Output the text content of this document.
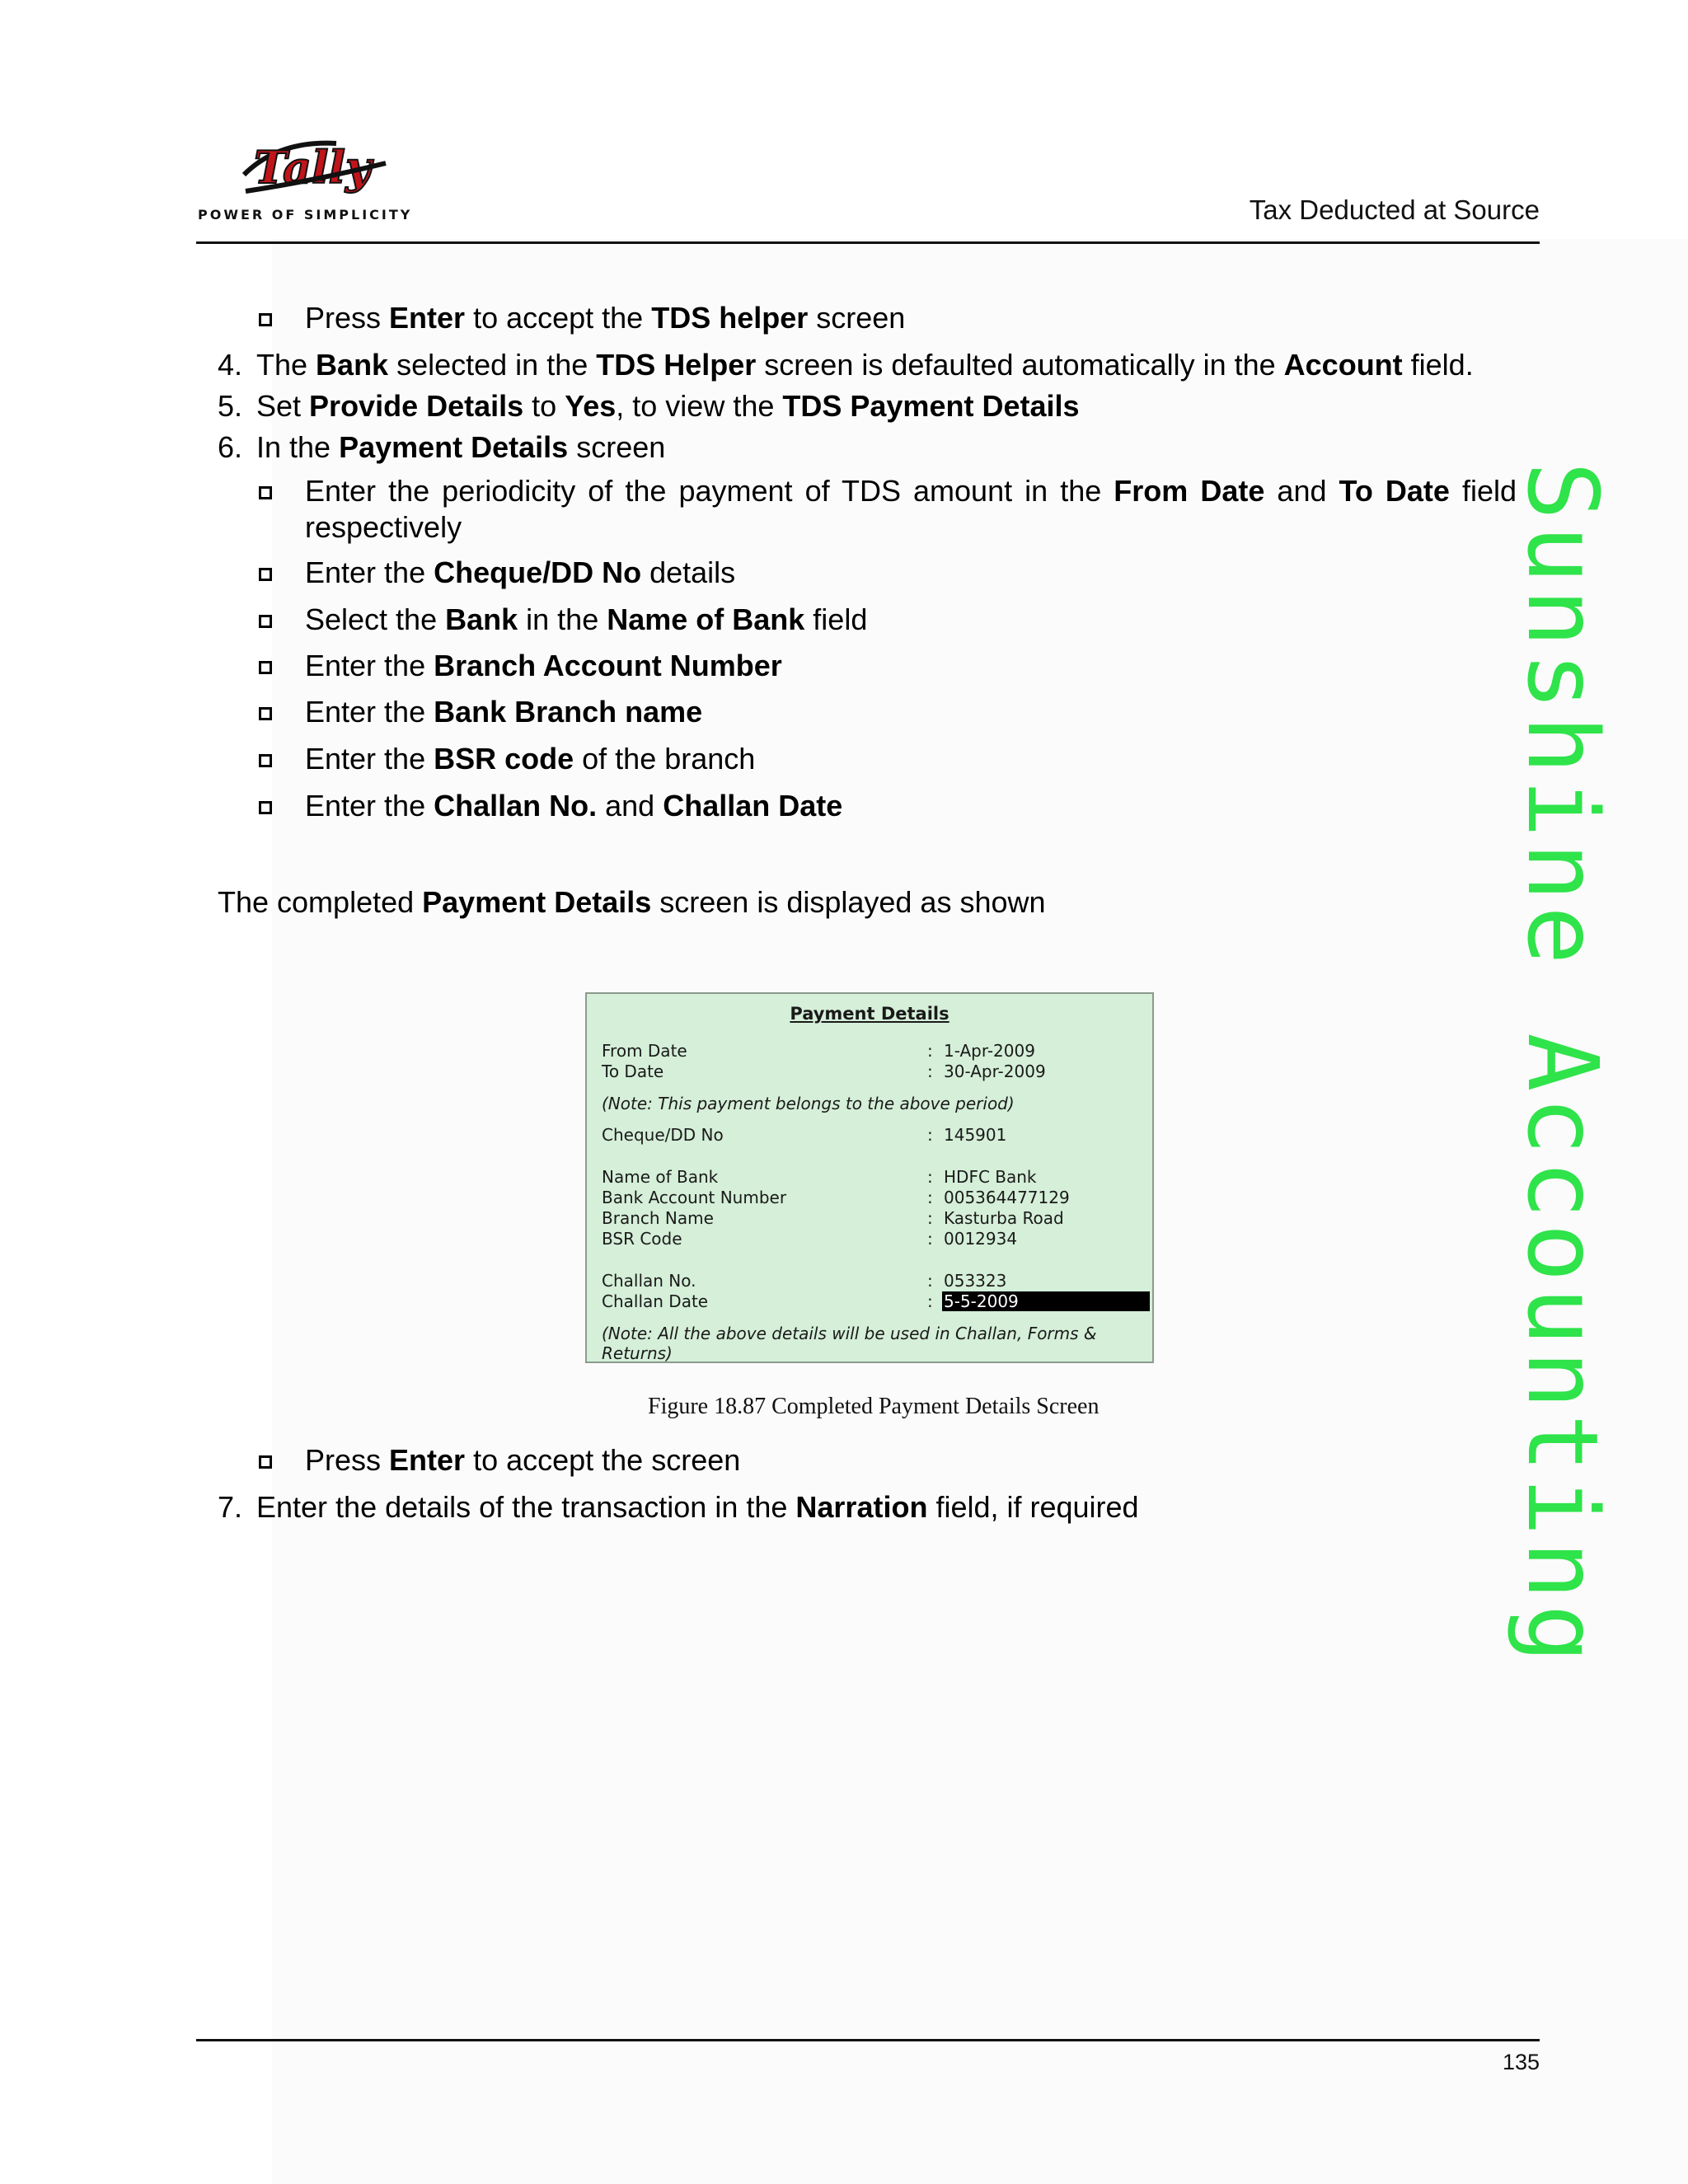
Tally
POWER OF SIMPLICITY	Tax Deducted at Source
Press Enter to accept the TDS helper screen
4. The Bank selected in the TDS Helper screen is defaulted automatically in the Account field.
5. Set Provide Details to Yes, to view the TDS Payment Details
6. In the Payment Details screen
Enter the periodicity of the payment of TDS amount in the From Date and To Date field respectively
Enter the Cheque/DD No details
Select the Bank in the Name of Bank field
Enter the Branch Account Number
Enter the Bank Branch name
Enter the BSR code of the branch
Enter the Challan No. and Challan Date
The completed Payment Details screen is displayed as shown
Payment Details
From Date	: 1-Apr-2009
To Date	: 30-Apr-2009
(Note: This payment belongs to the above period)
Cheque/DD No	: 145901
Name of Bank	: HDFC Bank
Bank Account Number	: 005364477129
Branch Name	: Kasturba Road
BSR Code	: 0012934
Challan No.	: 053323
Challan Date	: 5-5-2009
(Note: All the above details will be used in Challan, Forms & Returns)
Figure 18.87 Completed Payment Details Screen
Press Enter to accept the screen
7. Enter the details of the transaction in the Narration field, if required	Sunshine Accounting
135
